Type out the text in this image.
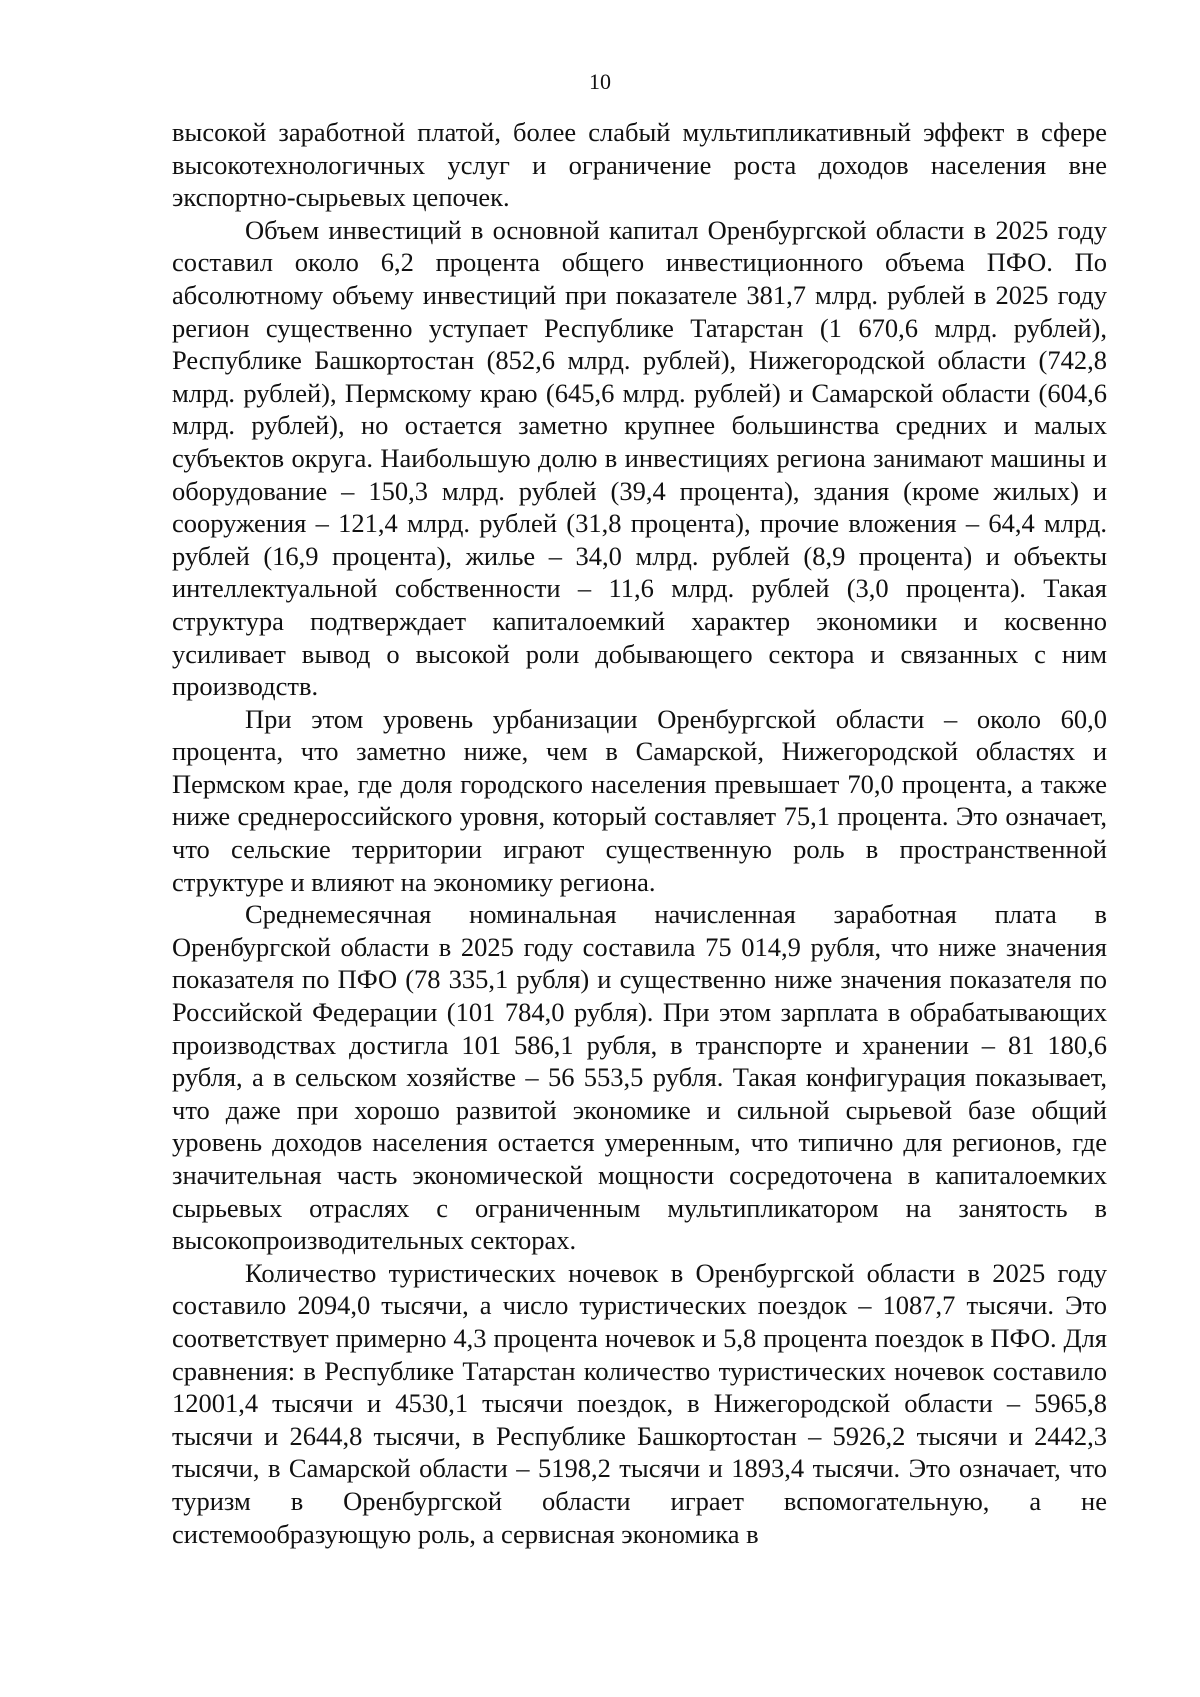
10

высокой заработной платой, более слабый мультипликативный эффект в сфере высокотехнологичных услуг и ограничение роста доходов населения вне экспортно-сырьевых цепочек.

Объем инвестиций в основной капитал Оренбургской области в 2025 году составил около 6,2 процента общего инвестиционного объема ПФО. По абсолютному объему инвестиций при показателе 381,7 млрд. рублей в 2025 году регион существенно уступает Республике Татарстан (1 670,6 млрд. рублей), Республике Башкортостан (852,6 млрд. рублей), Нижегородской области (742,8 млрд. рублей), Пермскому краю (645,6 млрд. рублей) и Самарской области (604,6 млрд. рублей), но остается заметно крупнее большинства средних и малых субъектов округа. Наибольшую долю в инвестициях региона занимают машины и оборудование – 150,3 млрд. рублей (39,4 процента), здания (кроме жилых) и сооружения – 121,4 млрд. рублей (31,8 процента), прочие вложения – 64,4 млрд. рублей (16,9 процента), жилье – 34,0 млрд. рублей (8,9 процента) и объекты интеллектуальной собственности – 11,6 млрд. рублей (3,0 процента). Такая структура подтверждает капиталоемкий характер экономики и косвенно усиливает вывод о высокой роли добывающего сектора и связанных с ним производств.

При этом уровень урбанизации Оренбургской области – около 60,0 процента, что заметно ниже, чем в Самарской, Нижегородской областях и Пермском крае, где доля городского населения превышает 70,0 процента, а также ниже среднероссийского уровня, который составляет 75,1 процента. Это означает, что сельские территории играют существенную роль в пространственной структуре и влияют на экономику региона.

Среднемесячная номинальная начисленная заработная плата в Оренбургской области в 2025 году составила 75 014,9 рубля, что ниже значения показателя по ПФО (78 335,1 рубля) и существенно ниже значения показателя по Российской Федерации (101 784,0 рубля). При этом зарплата в обрабатывающих производствах достигла 101 586,1 рубля, в транспорте и хранении – 81 180,6 рубля, а в сельском хозяйстве – 56 553,5 рубля. Такая конфигурация показывает, что даже при хорошо развитой экономике и сильной сырьевой базе общий уровень доходов населения остается умеренным, что типично для регионов, где значительная часть экономической мощности сосредоточена в капиталоемких сырьевых отраслях с ограниченным мультипликатором на занятость в высокопроизводительных секторах.

Количество туристических ночевок в Оренбургской области в 2025 году составило 2094,0 тысячи, а число туристических поездок – 1087,7 тысячи. Это соответствует примерно 4,3 процента ночевок и 5,8 процента поездок в ПФО. Для сравнения: в Республике Татарстан количество туристических ночевок составило 12001,4 тысячи и 4530,1 тысячи поездок, в Нижегородской области – 5965,8 тысячи и 2644,8 тысячи, в Республике Башкортостан – 5926,2 тысячи и 2442,3 тысячи, в Самарской области – 5198,2 тысячи и 1893,4 тысячи. Это означает, что туризм в Оренбургской области играет вспомогательную, а не системообразующую роль, а сервисная экономика в
